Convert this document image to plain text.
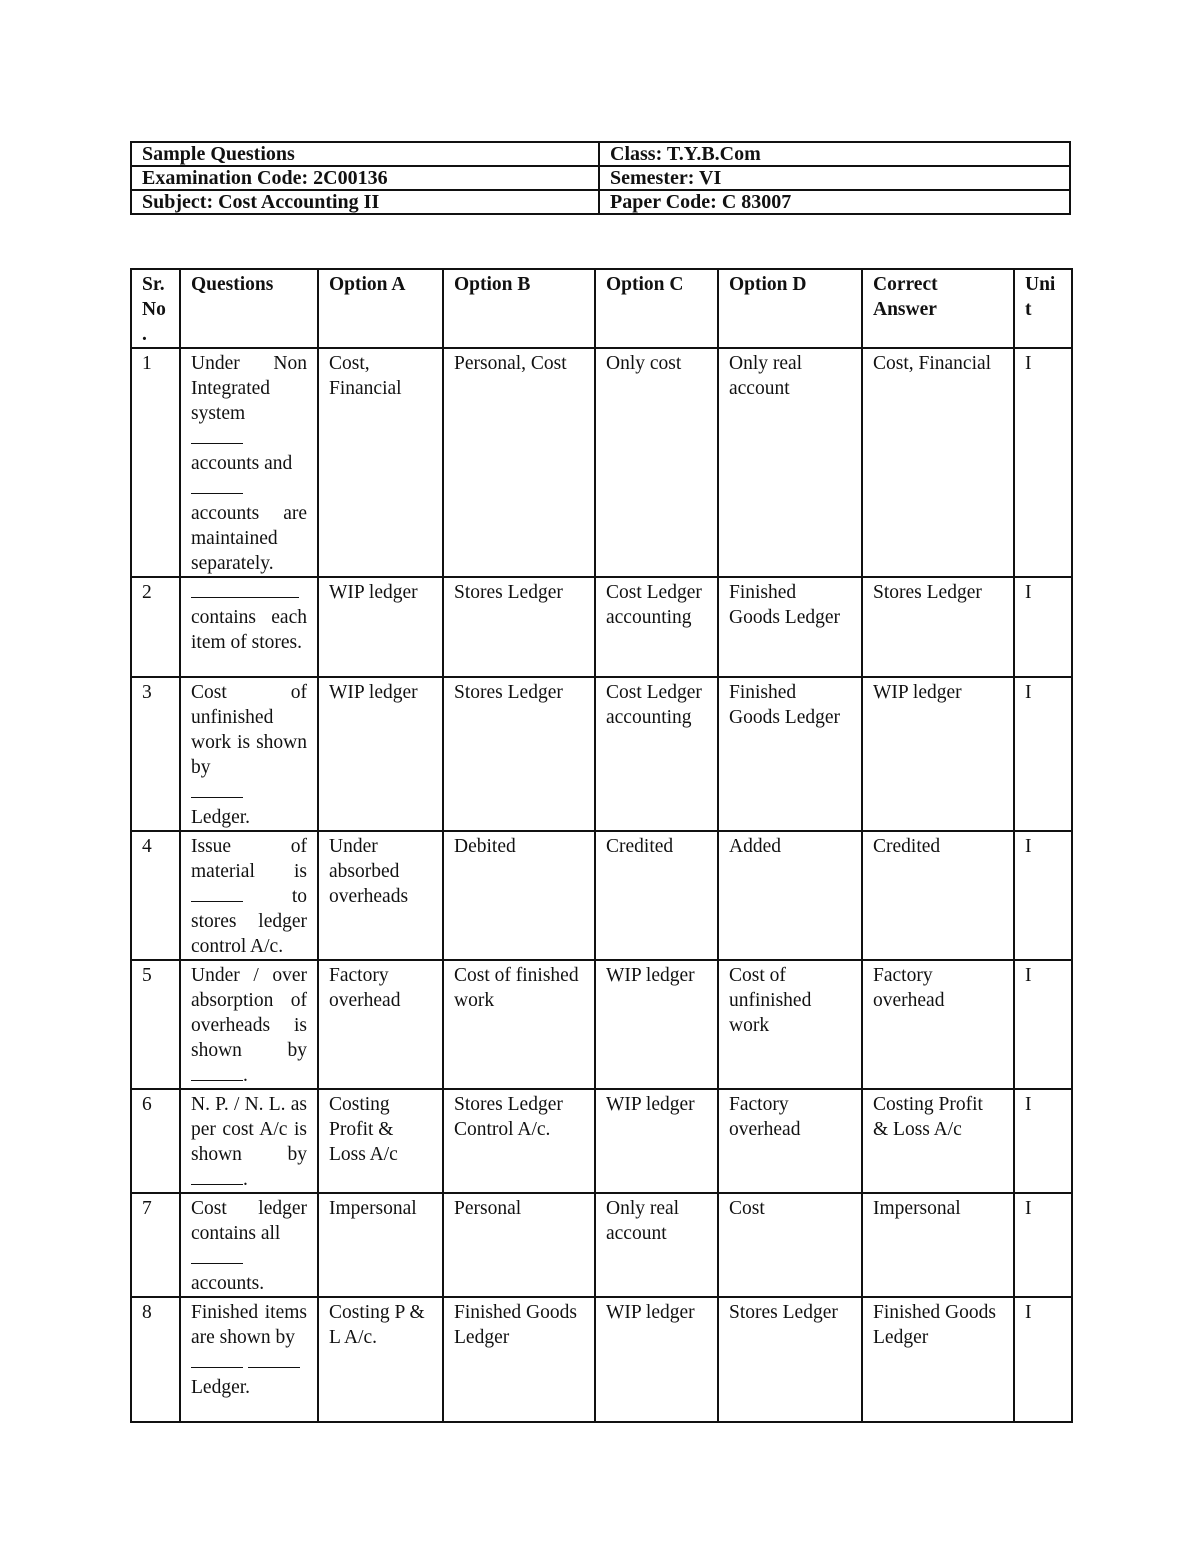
Sample Questions	Class: T.Y.B.Com
Examination Code: 2C00136	Semester: VI
Subject: Cost Accounting II	Paper Code: C 83007
Sr. No .	Questions	Option A	Option B	Option C	Option D	Correct Answer	Uni t
1	Under Non Integrated system

accounts and

accounts are maintained separately.	Cost, Financial	Personal, Cost	Only cost	Only real account	Cost, Financial	I
2	contains each item of stores.	WIP ledger	Stores Ledger	Cost Ledger accounting	Finished Goods Ledger	Stores Ledger	I
3	Cost of unfinished work is shown by

Ledger.	WIP ledger	Stores Ledger	Cost Ledger accounting	Finished Goods Ledger	WIP ledger	I
4	Issue of material is  to stores ledger control A/c.	Under absorbed overheads	Debited	Credited	Added	Credited	I
5	Under / over absorption of overheads is shown by .	Factory overhead	Cost of finished work	WIP ledger	Cost of unfinished work	Factory overhead	I
6	N. P. / N. L. as per cost A/c is shown by .	Costing Profit & Loss A/c	Stores Ledger Control A/c.	WIP ledger	Factory overhead	Costing Profit & Loss A/c	I
7	Cost ledger contains all

accounts.	Impersonal	Personal	Only real account	Cost	Impersonal	I
8	Finished items are shown by

Ledger.	Costing P & L A/c.	Finished Goods Ledger	WIP ledger	Stores Ledger	Finished Goods Ledger	I
